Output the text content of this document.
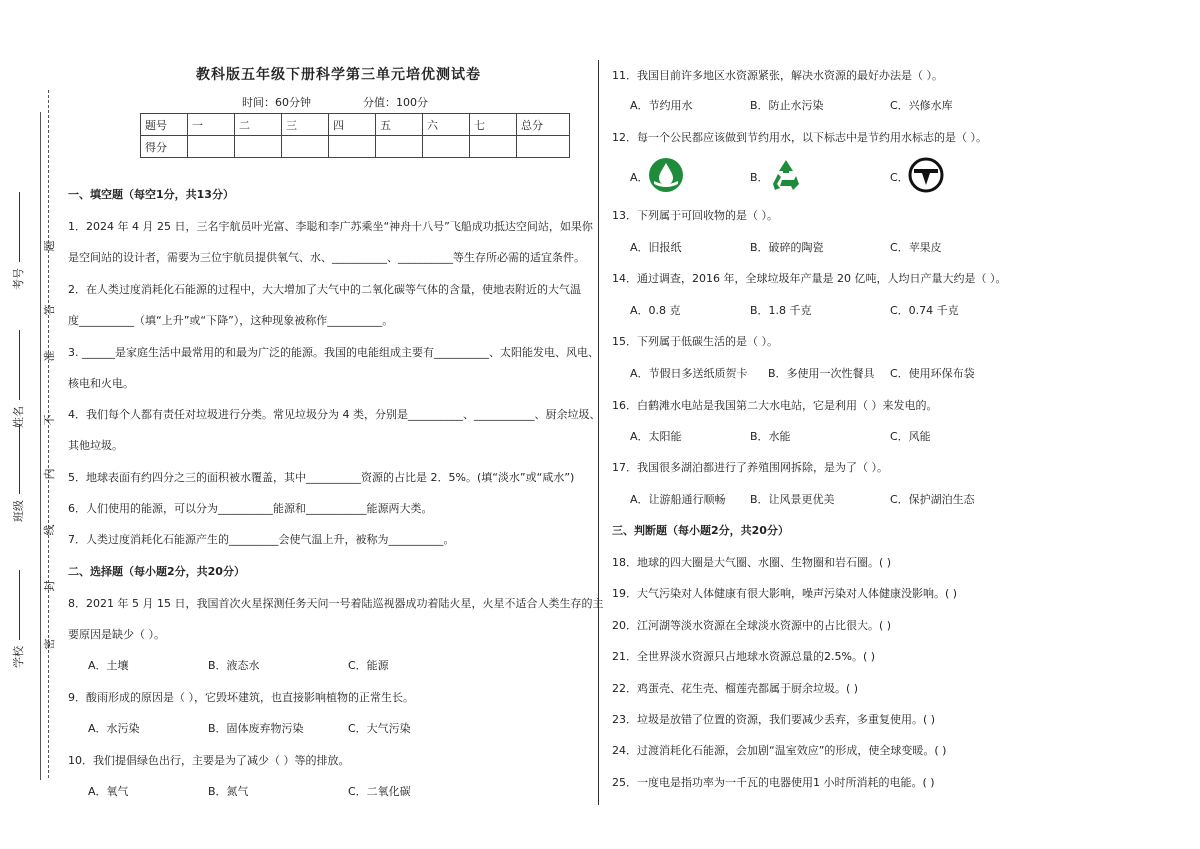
考号
姓名
班级
学校
题
答
准
不
内
线
封
密
教科版五年级下册科学第三单元培优测试卷
时间：60分钟	分值：100分
题号	一	二	三	四	五	六	七	总分
得分								
一、填空题（每空1分，共13分）
1．2024 年 4 月 25 日，三名宇航员叶光富、李聪和李广苏乘坐“神舟十八号”飞船成功抵达空间站，如果你
是空间站的设计者，需要为三位宇航员提供氧气、水、__________、__________等生存所必需的适宜条件。
2．在人类过度消耗化石能源的过程中，大大增加了大气中的二氧化碳等气体的含量，使地表附近的大气温
度__________（填“上升”或“下降”），这种现象被称作__________。
3. ______是家庭生活中最常用的和最为广泛的能源。我国的电能组成主要有__________、太阳能发电、风电、
核电和火电。
4．我们每个人都有责任对垃圾进行分类。常见垃圾分为 4 类，分别是__________、___________、厨余垃圾、
其他垃圾。
5．地球表面有约四分之三的面积被水覆盖，其中__________资源的占比是 2．5%。(填“淡水”或“咸水”)
6．人们使用的能源，可以分为__________能源和___________能源两大类。
7．人类过度消耗化石能源产生的_________会使气温上升，被称为__________。
二、选择题（每小题2分，共20分）
8．2021 年 5 月 15 日，我国首次火星探测任务天问一号着陆巡视器成功着陆火星，火星不适合人类生存的主
要原因是缺少（ ）。
A．土壤	B．液态水	C．能源
9．酸雨形成的原因是（ ），它毁坏建筑，也直接影响植物的正常生长。
A．水污染	B．固体废弃物污染	C．大气污染
10．我们提倡绿色出行，主要是为了减少（ ）等的排放。
A．氧气	B．氮气	C．二氧化碳
11．我国目前许多地区水资源紧张，解决水资源的最好办法是（ ）。
A．节约用水	B．防止水污染	C．兴修水库
12．每一个公民都应该做到节约用水，以下标志中是节约用水标志的是（ ）。
A．	B．	C．
13．下列属于可回收物的是（ ）。
A．旧报纸	B．破碎的陶瓷	C．苹果皮
14．通过调查，2016 年，全球垃圾年产量是 20 亿吨，人均日产量大约是（ ）。
A．0.8 克	B．1.8 千克	C．0.74 千克
15．下列属于低碳生活的是（ ）。
A．节假日多送纸质贺卡 B．多使用一次性餐具 C．使用环保布袋
16．白鹤滩水电站是我国第二大水电站，它是利用（ ）来发电的。
A．太阳能	B．水能	C．风能
17．我国很多湖泊都进行了养殖围网拆除，是为了（ ）。
A．让游船通行顺畅 B．让风景更优美	C．保护湖泊生态
三、判断题（每小题2分，共20分）
18．地球的四大圈是大气圈、水圈、生物圈和岩石圈。( )
19．大气污染对人体健康有很大影响，噪声污染对人体健康没影响。( )
20．江河湖等淡水资源在全球淡水资源中的占比很大。( )
21．全世界淡水资源只占地球水资源总量的2.5%。( )
22．鸡蛋壳、花生壳、榴莲壳都属于厨余垃圾。( )
23．垃圾是放错了位置的资源，我们要减少丢弃，多重复使用。( )
24．过渡消耗化石能源，会加剧“温室效应”的形成，使全球变暖。( )
25．一度电是指功率为一千瓦的电器使用1 小时所消耗的电能。( )
